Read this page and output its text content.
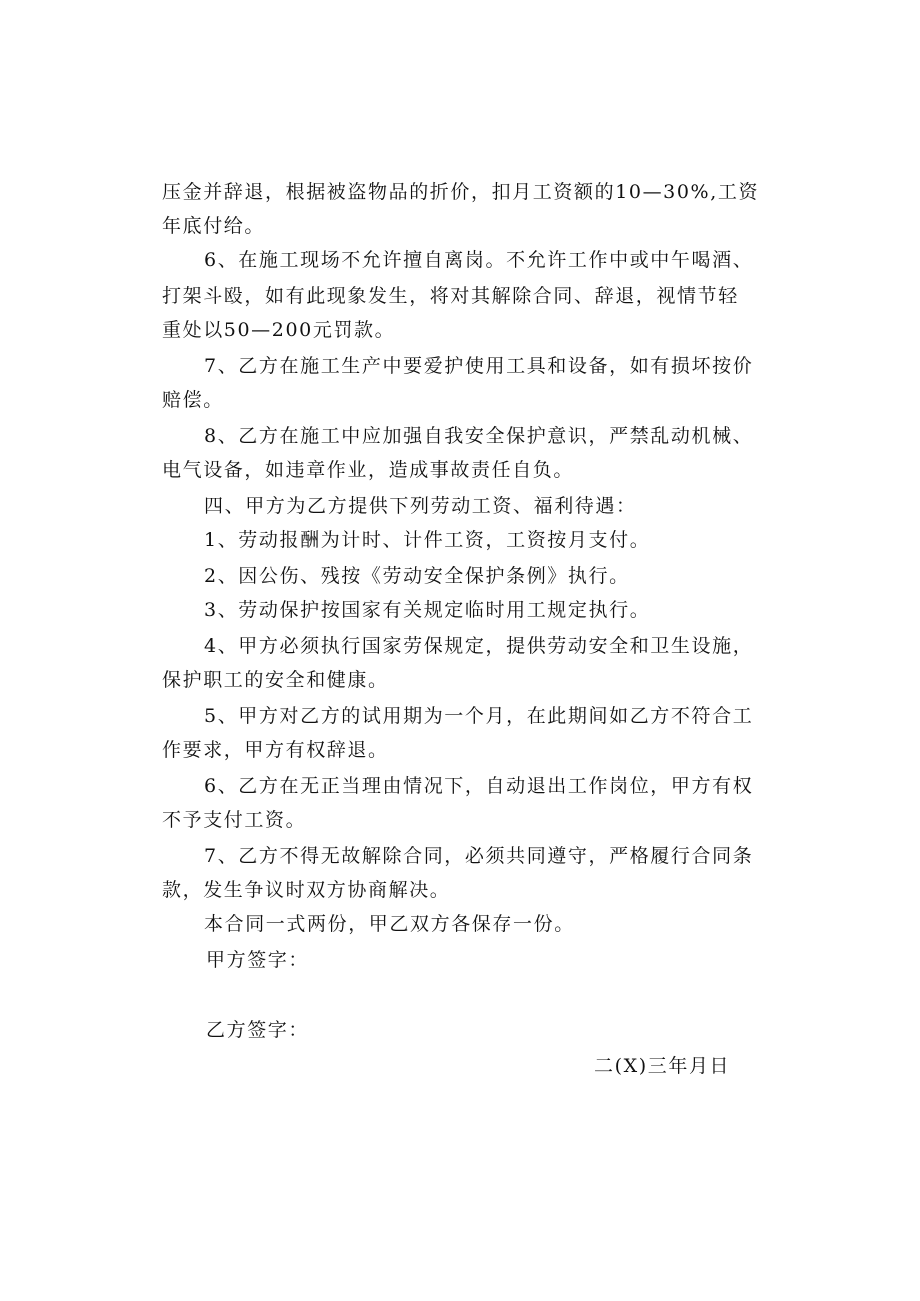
压金并辞退，根据被盗物品的折价，扣月工资额的10—30%,工资
年底付给。
6、在施工现场不允许擅自离岗。不允许工作中或中午喝酒、
打架斗殴，如有此现象发生，将对其解除合同、辞退，视情节轻
重处以50—200元罚款。
7、乙方在施工生产中要爱护使用工具和设备，如有损坏按价
赔偿。
8、乙方在施工中应加强自我安全保护意识，严禁乱动机械、
电气设备，如违章作业，造成事故责任自负。
四、甲方为乙方提供下列劳动工资、福利待遇：
1、劳动报酬为计时、计件工资，工资按月支付。
2、因公伤、残按《劳动安全保护条例》执行。
3、劳动保护按国家有关规定临时用工规定执行。
4、甲方必须执行国家劳保规定，提供劳动安全和卫生设施，
保护职工的安全和健康。
5、甲方对乙方的试用期为一个月，在此期间如乙方不符合工
作要求，甲方有权辞退。
6、乙方在无正当理由情况下，自动退出工作岗位，甲方有权
不予支付工资。
7、乙方不得无故解除合同，必须共同遵守，严格履行合同条
款，发生争议时双方协商解决。
本合同一式两份，甲乙双方各保存一份。
甲方签字：
乙方签字：
二(X)三年月日
